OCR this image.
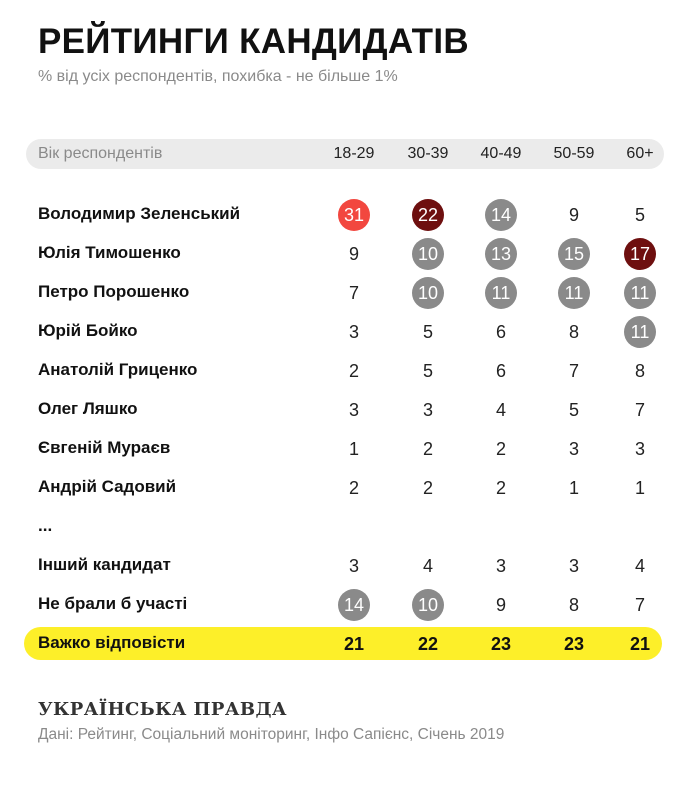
РЕЙТИНГИ КАНДИДАТІВ
% від усіх респондентів, похибка - не більше 1%
Вік респондентів	18-29	30-39	40-49	50-59	60+
Володимир Зеленський	31	22	14	9	5
Юлія Тимошенко	9	10	13	15	17
Петро Порошенко	7	10	11	11	11
Юрій Бойко	3	5	6	8	11
Анатолій Гриценко	2	5	6	7	8
Олег Ляшко	3	3	4	5	7
Євгеній Мураєв	1	2	2	3	3
Андрій Садовий	2	2	2	1	1
...
Інший кандидат	3	4	3	3	4
Не брали б участі	14	10	9	8	7
Важко відповісти	21	22	23	23	21
УКРАЇНСЬКА ПРАВДА
Дані: Рейтинг, Соціальний моніторинг, Інфо Сапієнс, Січень 2019
